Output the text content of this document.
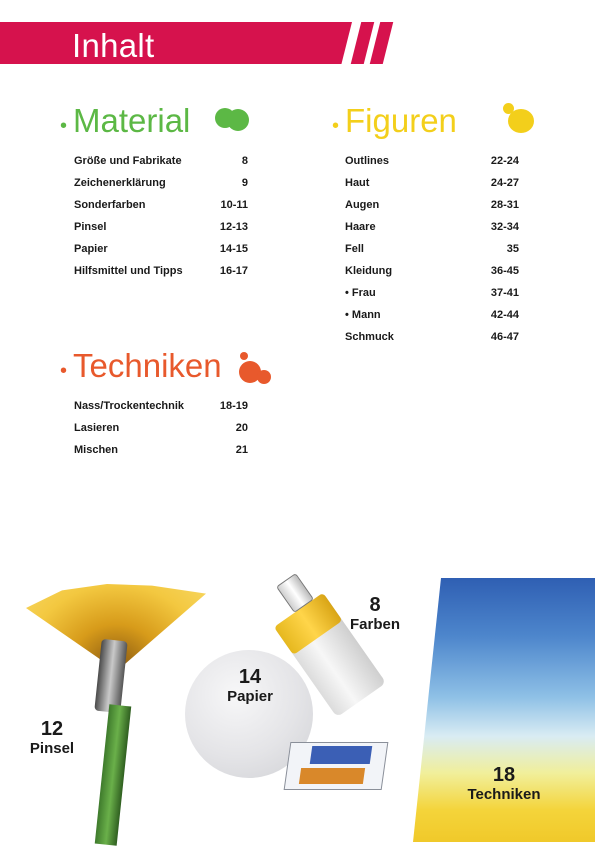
Inhalt
• Material
Größe und Fabrikate	8
Zeichenerklärung	9
Sonderfarben	10-11
Pinsel	12-13
Papier	14-15
Hilfsmittel und Tipps	16-17
• Figuren
Outlines	22-24
Haut	24-27
Augen	28-31
Haare	32-34
Fell	35
Kleidung	36-45
• Frau	37-41
• Mann	42-44
Schmuck	46-47
• Techniken
Nass/Trockentechnik	18-19
Lasieren	20
Mischen	21
12
Pinsel
14
Papier
8
Farben
18
Techniken
